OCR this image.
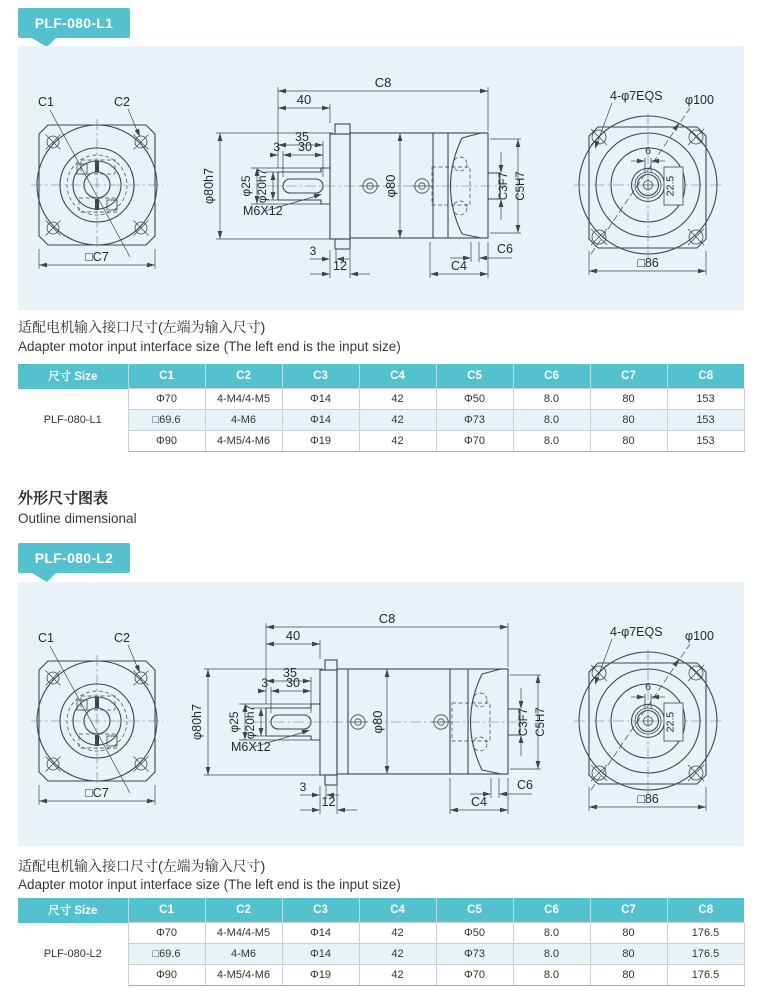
PLF-080-L1
C1	C2
□C7
C8
40
35
30
3
φ80h7 φ25 φ20h7
M6X12
φ80	C3F7 C5H7
C6
C4
3
12
6
22.5
φ100
4-φ7EQS
□86
适配电机输入接口尺寸(左端为输入尺寸)
Adapter motor input interface size (The left end is the input size)
尺寸 Size	C1	C2	C3	C4	C5	C6	C7	C8
PLF-080-L1	Φ70	4-M4/4-M5	Φ14	42	Φ50	8.0	80	153
	□69.6	4-M6	Φ14	42	Φ73	8.0	80	153
	Φ90	4-M5/4-M6	Φ19	42	Φ70	8.0	80	153
外形尺寸图表
Outline dimensional
PLF-080-L2
C1	C2
□C7
C8
40
35
30
3
φ80h7 φ25 φ20h7
M6X12
φ80	C3F7 C5H7
C6
C4
3
12
6
22.5
φ100
4-φ7EQS
□86
适配电机输入接口尺寸(左端为输入尺寸)
Adapter motor input interface size (The left end is the input size)
尺寸 Size	C1	C2	C3	C4	C5	C6	C7	C8
PLF-080-L2	Φ70	4-M4/4-M5	Φ14	42	Φ50	8.0	80	176.5
	□69.6	4-M6	Φ14	42	Φ73	8.0	80	176.5
	Φ90	4-M5/4-M6	Φ19	42	Φ70	8.0	80	176.5
